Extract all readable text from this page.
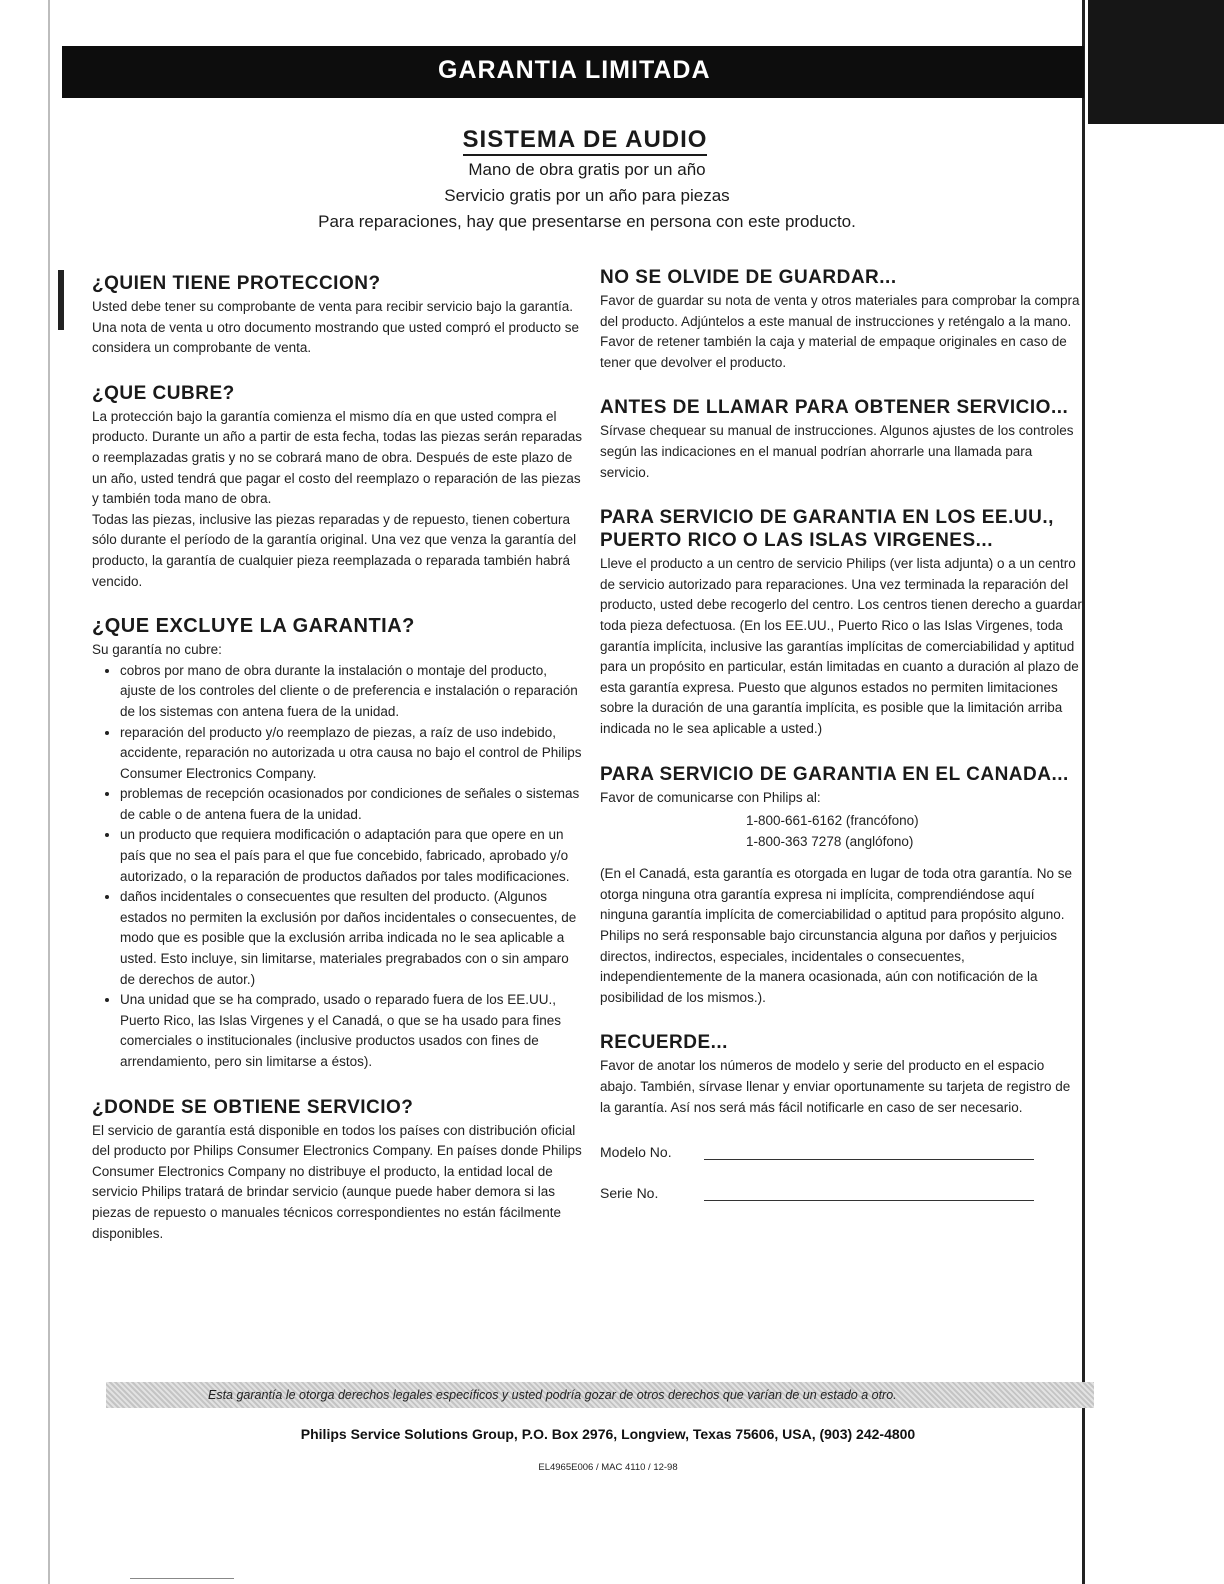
GARANTIA LIMITADA
SISTEMA DE AUDIO
Mano de obra gratis por un año
Servicio gratis por un año para piezas
Para reparaciones, hay que presentarse en persona con este producto.
¿QUIEN TIENE PROTECCION?

Usted debe tener su comprobante de venta para recibir servicio bajo la garantía. Una nota de venta u otro documento mostrando que usted compró el producto se considera un comprobante de venta.

¿QUE CUBRE?

La protección bajo la garantía comienza el mismo día en que usted compra el producto. Durante un año a partir de esta fecha, todas las piezas serán reparadas o reemplazadas gratis y no se cobrará mano de obra. Después de este plazo de un año, usted tendrá que pagar el costo del reemplazo o reparación de las piezas y también toda mano de obra.

Todas las piezas, inclusive las piezas reparadas y de repuesto, tienen cobertura sólo durante el período de la garantía original. Una vez que venza la garantía del producto, la garantía de cualquier pieza reemplazada o reparada también habrá vencido.

¿QUE EXCLUYE LA GARANTIA?

Su garantía no cubre:

• cobros por mano de obra durante la instalación o montaje del producto, ajuste de los controles del cliente o de preferencia e instalación o reparación de los sistemas con antena fuera de la unidad.
• reparación del producto y/o reemplazo de piezas, a raíz de uso indebido, accidente, reparación no autorizada u otra causa no bajo el control de Philips Consumer Electronics Company.
• problemas de recepción ocasionados por condiciones de señales o sistemas de cable o de antena fuera de la unidad.
• un producto que requiera modificación o adaptación para que opere en un país que no sea el país para el que fue concebido, fabricado, aprobado y/o autorizado, o la reparación de productos dañados por tales modificaciones.
• daños incidentales o consecuentes que resulten del producto. (Algunos estados no permiten la exclusión por daños incidentales o consecuentes, de modo que es posible que la exclusión arriba indicada no le sea aplicable a usted. Esto incluye, sin limitarse, materiales pregrabados con o sin amparo de derechos de autor.)
• Una unidad que se ha comprado, usado o reparado fuera de los EE.UU., Puerto Rico, las Islas Virgenes y el Canadá, o que se ha usado para fines comerciales o institucionales (inclusive productos usados con fines de arrendamiento, pero sin limitarse a éstos).
¿DONDE SE OBTIENE SERVICIO?

El servicio de garantía está disponible en todos los países con distribución oficial del producto por Philips Consumer Electronics Company. En países donde Philips Consumer Electronics Company no distribuye el producto, la entidad local de servicio Philips tratará de brindar servicio (aunque puede haber demora si las piezas de repuesto o manuales técnicos correspondientes no están fácilmente disponibles.

NO SE OLVIDE DE GUARDAR...

Favor de guardar su nota de venta y otros materiales para comprobar la compra del producto. Adjúntelos a este manual de instrucciones y reténgalo a la mano. Favor de retener también la caja y material de empaque originales en caso de tener que devolver el producto.

ANTES DE LLAMAR PARA OBTENER SERVICIO...

Sírvase chequear su manual de instrucciones. Algunos ajustes de los controles según las indicaciones en el manual podrían ahorrarle una llamada para servicio.

PARA SERVICIO DE GARANTIA EN LOS EE.UU., PUERTO RICO O LAS ISLAS VIRGENES...

Lleve el producto a un centro de servicio Philips (ver lista adjunta) o a un centro de servicio autorizado para reparaciones. Una vez terminada la reparación del producto, usted debe recogerlo del centro. Los centros tienen derecho a guardar toda pieza defectuosa. (En los EE.UU., Puerto Rico o las Islas Virgenes, toda garantía implícita, inclusive las garantías implícitas de comerciabilidad y aptitud para un propósito en particular, están limitadas en cuanto a duración al plazo de esta garantía expresa. Puesto que algunos estados no permiten limitaciones sobre la duración de una garantía implícita, es posible que la limitación arriba indicada no le sea aplicable a usted.)

PARA SERVICIO DE GARANTIA EN EL CANADA...

Favor de comunicarse con Philips al:

1-800-661-6162 (francófono)
1-800-363 7278 (anglófono)

(En el Canadá, esta garantía es otorgada en lugar de toda otra garantía. No se otorga ninguna otra garantía expresa ni implícita, comprendiéndose aquí ninguna garantía implícita de comerciabilidad o aptitud para propósito alguno. Philips no será responsable bajo circunstancia alguna por daños y perjuicios directos, indirectos, especiales, incidentales o consecuentes, independientemente de la manera ocasionada, aún con notificación de la posibilidad de los mismos.).

RECUERDE...

Favor de anotar los números de modelo y serie del producto en el espacio abajo. También, sírvase llenar y enviar oportunamente su tarjeta de registro de la garantía. Así nos será más fácil notificarle en caso de ser necesario.

Modelo No.
Serie No.
Esta garantía le otorga derechos legales específicos y usted podría gozar de otros derechos que varían de un estado a otro.
Philips Service Solutions Group, P.O. Box 2976, Longview, Texas 75606, USA, (903) 242-4800
EL4965E006 / MAC 4110 / 12-98
